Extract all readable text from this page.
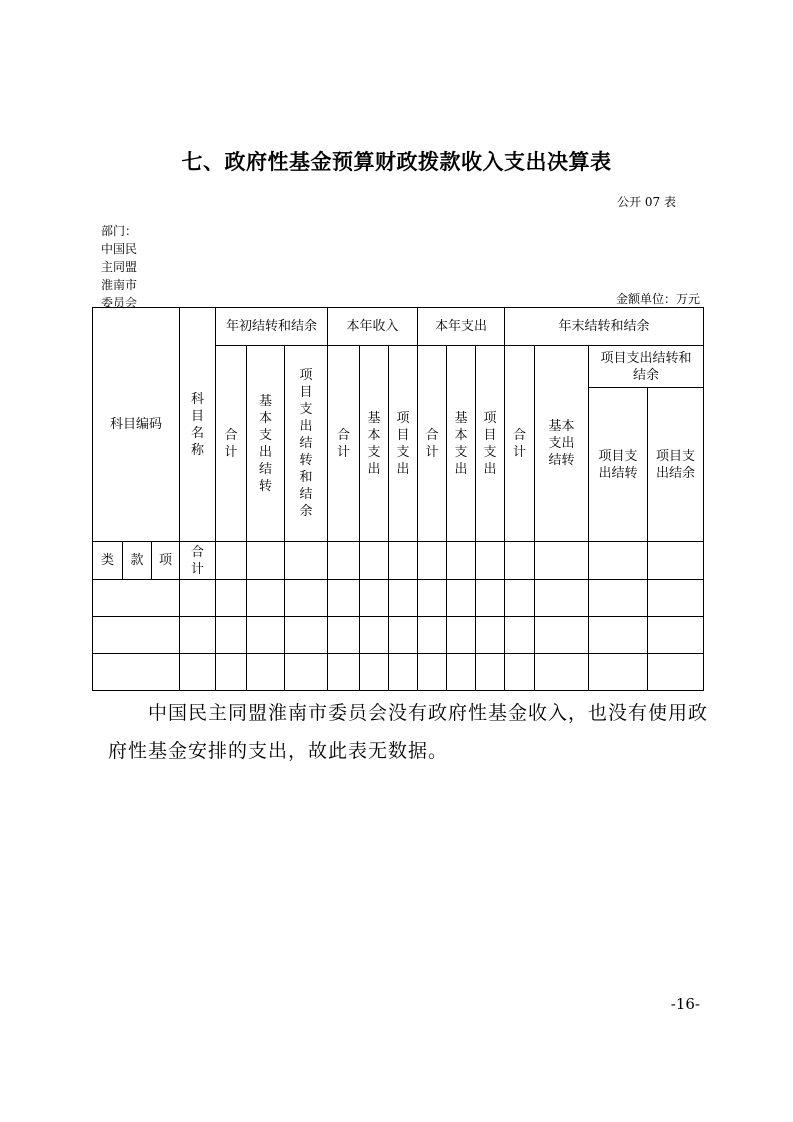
七、政府性基金预算财政拨款收入支出决算表
公开 07 表
部门：
中国民
主同盟
淮南市
委员会	金额单位：万元
科目编码			科目名称	年初结转和结余			本年收入			本年支出			年末结转和结余			
				合计	基本支出结转	项目支出结转和结余	合计	基本支出	项目支出	合计	基本支出	项目支出	合计	基本支出结转	项目支出结转和结余	
															项目支出结转	项目支出结余
类	款	项	合计													

中国民主同盟淮南市委员会没有政府性基金收入，也没有使用政府性基金安排的支出，故此表无数据。
-16-
